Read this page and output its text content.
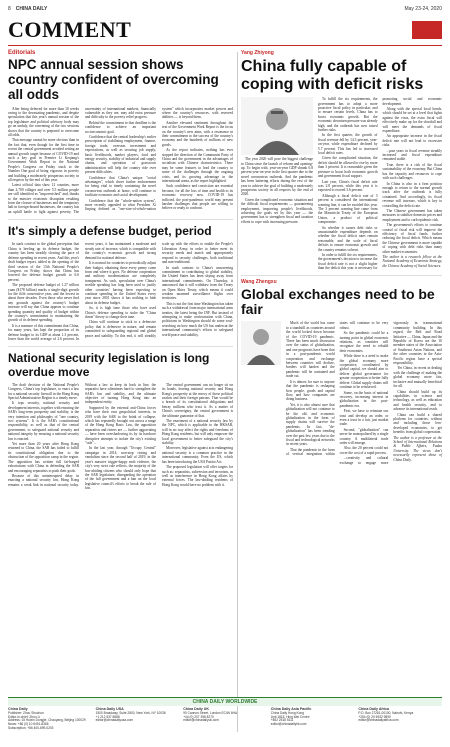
8 CHINA DAILY	May 23-24, 2020
COMMENT

Editorials

NPC annual session shows country confident of overcoming all odds

After being deferred for more than 10 weeks owing to the devastating pandemic, and despite speculation that this year's annual session of the top legislature and political advisory body may go on unduly, the convening of the two sessions shows that the country is prepared to overcome all odds.

That message cannot be more obvious than in the fact that, even though for the first time in recent the central government avoided setting an annual growth target because of COVID-19 and such a key goal in Premier Li Keqiang's Government Work Report to the National People's Congress on Friday stuck to the Number One goal of being vigorous in poverty and building a moderately prosperous society in all respects by the end of this year.

Latest official data show 12 counties, more than 2,700 villages and over 5.5 million people are still identified as "impoverished" and, thanks to the massive economic disruption resulting from the closure of businesses and the temporary halt in foreign-bound businesses, the country has an uphill battle to fight against poverty. The uncertainty of international markets, financially vulnerable as they are, may add extra pressure and difficulty to the poverty relief progress.

Behind the commitment to that deadline is the confidence to achieve an important socioeconomic goal.

Confidence that the central leadership's earlier prescription of stabilizing employment, finance, foreign trade, overseas investment and expectations, as well as securing job supply, basic livelihoods, market players, food and energy security, stability of industrial and supply chains, and operation of grassroots administration will help the country ride over present difficulties.

Confidence that China's unique "social advantages", which drove further endorsement for being vital to timely containing the novel coronavirus outbreak at home, will continue to facilitate economic and social development.

Confidence that the "whole-nation system", more recently appealed to what President Xi Jinping defined as "one-size-of-whole-nation system" which incorporates market powers and where the country's resources, with reserved abilities — is beyond them.

Another elevated sentiment throughout the text of the Government Work Report is the focus on the country's new aims, with a resonance in their commitment to the success of the country's economy and the hundreds of millions of new goods.

As the report indicates, nothing has ever stopped the direction of the Communist Party of China and the government in the advantages of socialism with Chinese characteristics. There may be some features to lead the country to some of the challenges through the ongoing crisis, and its growing advantage in the international arena, as the report highlighted.

Such confidence and conviction are essential because, for all the loss of time and health to its economic recovery now. COVID-19 has inflicted, the post-pandemic world may present harsher challenges that people are willing to believe or ready to confront.

It's simply a defense budget, period

In stark contrast to the global perception that China is beefing up its defense budget, the country has been steadily slowing the pace of defense spending in recent years. And this year's draft budget report, tabled at the opening of the third session of the 13th National People's Congress on Friday, shows that China has lowered the defense budget growth to 6.6 percent.

The proposed defense budget of 1.27 trillion yuan ($178 billion) marks a single-digit growth for the fifth consecutive year, and the lowest in about three decades. Even those who never find any grounds against the country's budget increase will say that China appears to continue spending quantity and quality of budget within the country's commitment to maintaining the growth of its defense spending.

It is a measure of this commitment that China, for many years, has kept the proportion of its defense budget to its GDP at about 1.3 percent, lower than the world average of 2.6 percent. In recent years, it has maintained a moderate and steady rate of increase, which is compatible with the country's economic growth and strong demand for national defense.

It is normal for countries to periodically adjust their budget, obtaining those every penny come from and where it goes. No defense cooperation and military modernization are completely transparent. As such, speculation over China's terrible spending has long been used to justify other countries' having been expecting to continue spending in the United States every year since 2001 shows it has nothing to hide about its defense budget.

So, it is high time those who have used China's defense spending to stoke the "China threat" theory to change their tune.

China will continue to stick to a defensive policy that is defensive in nature, and remain committed to safeguarding regional and global peace and stability. To this end, it will steadily scale up with the efforts to enable the People's Liberation Army, in order to better meet its security needs and match and appropriately respond to security challenges, both traditional and non-traditional.

In stark contrast to China's unwavering commitment to contributing to global stability, the United States has been shying away from international commitments. On Thursday, it announced that it will withdraw from the Treaty on Open Skies Treaty, which means it could weaken unarmed surveillance flights over territories.

This is not the first time Washington has taken such a withdrawal from major international arms treaties, the latest being the INF. But instead of attempting to make confrontation with China, politicians in Washington should do some soul-searching on how much the US has undercut the international community's efforts to safeguard world peace and stability.

National security legislation is long overdue move

The draft decision of the National People's Congress, China's top legislature, to enact a law for a national security firewall in the Hong Kong Special Administrative Region is a timely move.

It tops security, national security and development interests, together with ensuring the SAR's long-term prosperity and stability, is the very intention and philosophy of "one country, two systems". It is the SAR's constitutional responsibility, as well as that of the central government, to safeguard national security and national integrity by ensuring a national security law is enacted.

Yet more than 20 years after Hong Kong returned to China, the SAR has failed to fulfill its constitutional obligation due to the obstruction of the opposition camp in the region. The opposition has written full fat-barged exhortations with China in defending the SAR and encouraging separatists to push their goals.

Because of this uninterrupted delay in enacting a national security law, Hong Kong remains a weak link in national security today. Without a law to keep its back in line, the separatist have oftentimes hard to strengthen the SAR's law and stability, and the ultimate objective of turning Hong Kong into an independent entity.

Supported by the external anti-China forces who have their own geopolitical interests, in 2019 with the SAR to the brink of collapse, which has repeatedly brought out across a range of the Hong Kong Basic Law, the opposition separatists and rioters are — further aggravating — have been overshadowing its by its hardcore disruptive attempts to isolate the city's existing "safe"...

In the last year, through "Occupy Central" campaign in 2014, non-stop rioting and vandalism since the second half of 2019, in the year's massive trigger-happy mob violence, the city's very strict rule reflects, the majority of the law-abiding citizens who should only hope that the SAR legislature, disregarding the operation of the full government and a ban on the local legislative council's efforts to break the rule of law.

The central government can no longer sit on its hands, leaving national security and Hong Kong's prosperity at the mercy of those political zealots and their foreign patrons. That would be a breach of its constitutional obligations and betray millions who trust it. As a matter of China's sovereignty, the central government is the ultimate guarantor of that.

The enactment of a national security law by the NPC, which is applicable to the HKSAR, will in no way affect the rights and freedoms of Hong Kong residents, but will only empower the local government to better safeguard the city's stability.

Moreover, legislative against acts endangering national security is a common practice in the international community. Even the US, which has been introducing the USA Patriot Act.

The proposed legislation will offer targets for such as: separatists, subversion and terrorism, as well as interference in Hong Kong affairs by external forces. The law-abiding residents of Hong Kong would have no problem with it.

Yang Zhiyong

China fully capable of coping with deficit risks

The year 2020 will pose the biggest challenge to China since the launch of reform and opening-up. To begin with, year-on-year GDP shrank 6.8 percent year-on-year in the first quarter due to the novel coronavirus outbreak. And the pandemic has been battering efforts during the rest of the year to achieve the goal of building a moderately prosperous society in all respects by the end of 2020.

Given the complicated economic situation and the difficult fiscal requirements — guaranteeing employment, improving people's livelihoods, achieving the goals set by this year — the government has to strengthen fiscal and taxation efforts to cope with increasing pressure.

To fulfill the six requirements, the government has to adopt a more proactive fiscal policy in particular, and to ensure certain levels. China has to boost economic growth. But the economic downturn pressure was already high, and the outbreak has now raised further risks.

In the first quarter, the growth of fiscal revenue fell by 14.3 percent, year-on-year, while expenditure declined by 5.7 percent. This has led to increased local deficit rates.

Given the complicated situation, the deficit should be allowed to rise by more than 3 percent. It is reasonable given the pressure to boost both economic growth and government fiscal support.

Last year, China's fiscal deficit rate was 2.8 percent, while this year it is expected to exceed 3.6 percent.

Although a fiscal deficit rate of 3 percent is considered the international warning line, it can be avoided this year. The 3 percent warning line came from the Maastricht Treaty of the European Union, a product of political compromise.

So whether it causes debt risks or unsustainable expenditure depends on whether the fiscal deficit rates remain reasonable, and the scale of fiscal deficits to ensure economic growth and the country remains solvent.

In order to fulfill the six requirements, the government's decision to increase the fiscal deficit rate is not a slight higher than the deficit this year is necessary for promoting social and economic development.

Along with the special local bonds, which should be set at a level that fights against the virus, the extra fiscal will effectively make up for the shortfall and will meet the demands of fiscal expenditure.

An appropriate increase in the fiscal deficit rate will not lead to excessive risks.

...past years in fiscal revenue steadily increased and fiscal expenditure remained stable.

True, there is a risk of the fiscal sustainability of the economy. But China has the capacity and resources to cope with such challenges.

In China is also in a firm position enough to return to the normal growth track after the outbreak is fully contained. And accordingly, its fiscal revenue will increase, which is key to controlling the deficit rate.

The Chinese government has taken measures to stabilize domestic prices and employment and to curb epidemic risk.

The government's efforts to continue control of fiscal risk will improve the efficiency of fiscal funds, further reducing the fiscal deficit. Which means the Chinese government is more capable of coping with debt risks than many other market economies.

The author is a research fellow at the National Academy of Economic Strategy, the Chinese Academy of Social Sciences.

Wang Zhengxu

Global exchanges need to be fair

Much of the world has come to a standstill as countries around the world locked down because of the COVID-19 pandemic. There has been much discussion over the status of globalization, and one prognosis have been that in a post-pandemic world cooperation and exchange between countries will decline, borders will harden and the pandemic will be contained and trade cut.

It is almost for sure to anyone that the pandemic is reshaping how people, goods and capital flow, and how companies are doing business.

Yet, it is also almost sure that globalization will not continue to be the old, and economic globalization in the form of supply chains will survive the pandemic. In fact, "de-globalization" has been trending over the past few years due to the fiscal and technological networks in recent years.

That the pandemic in the form of vertical integration within states will continue to be very robust.

So the pandemic could be a turning point in global economic relations, as countries will recognize the need to rebuild their economies.

While there is a need to make the global economy more cooperative, coordinated by global capital, we should aim to deliver global governance for greater cooperation to better fully deliver. Global supply chains will continue to be reinforced.

Some, on the basis of national recovery, increasing interest in globalization in the post-pandemic era.

First, we have to reinstate our trust and develop an order, or even a trust in a fair, just market trade.

Second, "globalization" can never be monopolized by a single country. A multilateral trade order will emerge.

Also, the 20 percent could not cover the cost of a rapid process.

...creativity and cultural exchange to engage more vigorously in transnational community building. In this regard, the Belt and Road Initiative — China, Japan and the Republic of Korea are the 10 member states of the Association of Southeast Asian Nations, and the other countries in the Asia-Pacific region have a special responsibility.

Yet China, in recent in dealing with the challenge of making the global economy more fair, inclusive and mutually beneficial for all.

China should build up its capabilities in science and technology, as well as education and health security, and to advance its international reach.

China can build a shared platform for countries, without and including those less-developed economies, to get benefits from global cooperation.

The author is a professor at the School of International Relations & Public Affairs, Fudan University. The views don't necessarily represent those of China Daily.

CHINA DAILY WORLDWIDE

China Daily

Publisher: Zhou Shuchun

Editor-in-chief: Zhou Li

Address: 15 Huixin Dongjie, Chaoyang, Beijing 100029

News: +86 (0) 10 6491-8366

Subscription: +86 400-699-0203

China Daily USA

1500 Broadway, Suite 2800, New York, NY 10036

+1 212 537 8888

editor@chinadailyusa.com

China Daily UK

90 Cannon Street, London EC4N 6HA

+44 (0) 207 398 8270

editor@chinadailyuk.com

China Daily Asia Pacific

China Daily Hong Kong

Unit 1818, Hing Wai Centre

+852 2518 5111

editor@chinadailyhk.com

China Daily Africa

P.O. Box 27281-00100, Nairobi, Kenya

+254 (0) 20 6932 9890

editor@chinadailyafrica.com
